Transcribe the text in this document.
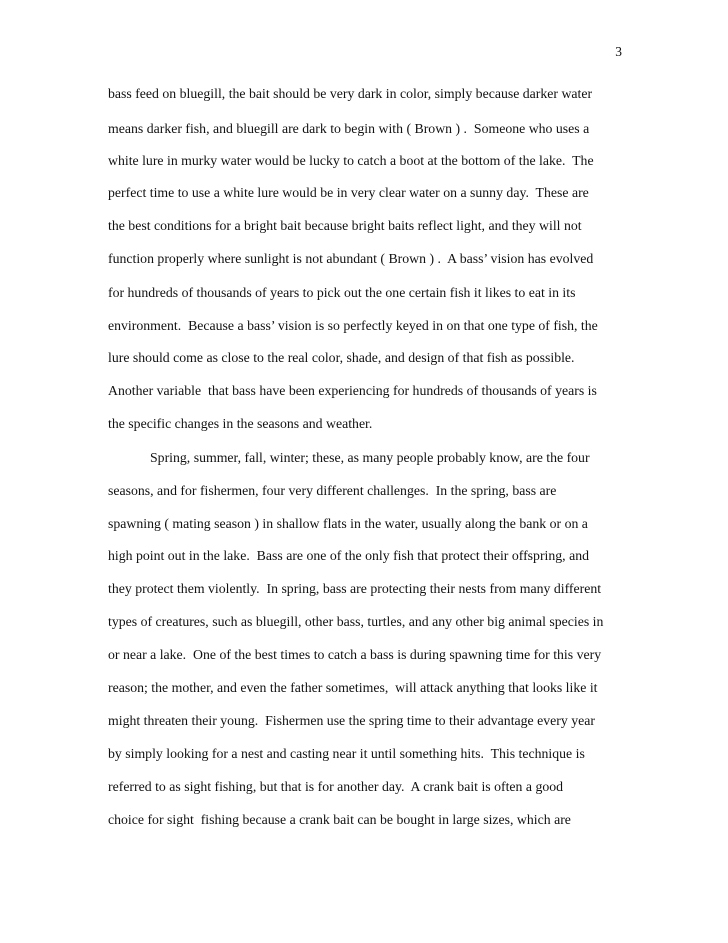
3
bass feed on bluegill, the bait should be very dark in color, simply because darker water
means darker fish, and bluegill are dark to begin with ( Brown ) .  Someone who uses a
white lure in murky water would be lucky to catch a boot at the bottom of the lake.  The
perfect time to use a white lure would be in very clear water on a sunny day.  These are
the best conditions for a bright bait because bright baits reflect light, and they will not
function properly where sunlight is not abundant ( Brown ) .  A bass’ vision has evolved
for hundreds of thousands of years to pick out the one certain fish it likes to eat in its
environment.  Because a bass’ vision is so perfectly keyed in on that one type of fish, the
lure should come as close to the real color, shade, and design of that fish as possible.
Another variable  that bass have been experiencing for hundreds of thousands of years is
the specific changes in the seasons and weather.
Spring, summer, fall, winter; these, as many people probably know, are the four
seasons, and for fishermen, four very different challenges.  In the spring, bass are
spawning ( mating season ) in shallow flats in the water, usually along the bank or on a
high point out in the lake.  Bass are one of the only fish that protect their offspring, and
they protect them violently.  In spring, bass are protecting their nests from many different
types of creatures, such as bluegill, other bass, turtles, and any other big animal species in
or near a lake.  One of the best times to catch a bass is during spawning time for this very
reason; the mother, and even the father sometimes,  will attack anything that looks like it
might threaten their young.  Fishermen use the spring time to their advantage every year
by simply looking for a nest and casting near it until something hits.  This technique is
referred to as sight fishing, but that is for another day.  A crank bait is often a good
choice for sight  fishing because a crank bait can be bought in large sizes, which are
